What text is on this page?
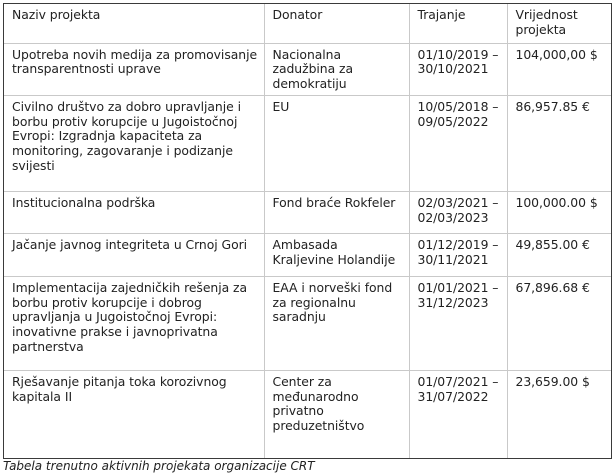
Naziv projekta	Donator	Trajanje	Vrijednost projekta
Upotreba novih medija za promovisanje transparentnosti uprave	Nacionalna zadužbina za demokratiju	01/10/2019 – 30/10/2021	104,000,00 $
Civilno društvo za dobro upravljanje i borbu protiv korupcije u Jugoistočnoj Evropi: Izgradnja kapaciteta za monitoring, zagovaranje i podizanje svijesti	EU	10/05/2018 – 09/05/2022	86,957.85 €
Institucionalna podrška	Fond braće Rokfeler	02/03/2021 – 02/03/2023	100,000.00 $
Jačanje javnog integriteta u Crnoj Gori	Ambasada Kraljevine Holandije	01/12/2019 – 30/11/2021	49,855.00 €
Implementacija zajedničkih rešenja za borbu protiv korupcije i dobrog upravljanja u Jugoistočnoj Evropi: inovativne prakse i javnoprivatna partnerstva	EAA i norveški fond za regionalnu saradnju	01/01/2021 – 31/12/2023	67,896.68 €
Rješavanje pitanja toka korozivnog kapitala II	Center za međunarodno privatno preduzetništvo	01/07/2021 – 31/07/2022	23,659.00 $
Tabela trenutno aktivnih projekata organizacije CRT
